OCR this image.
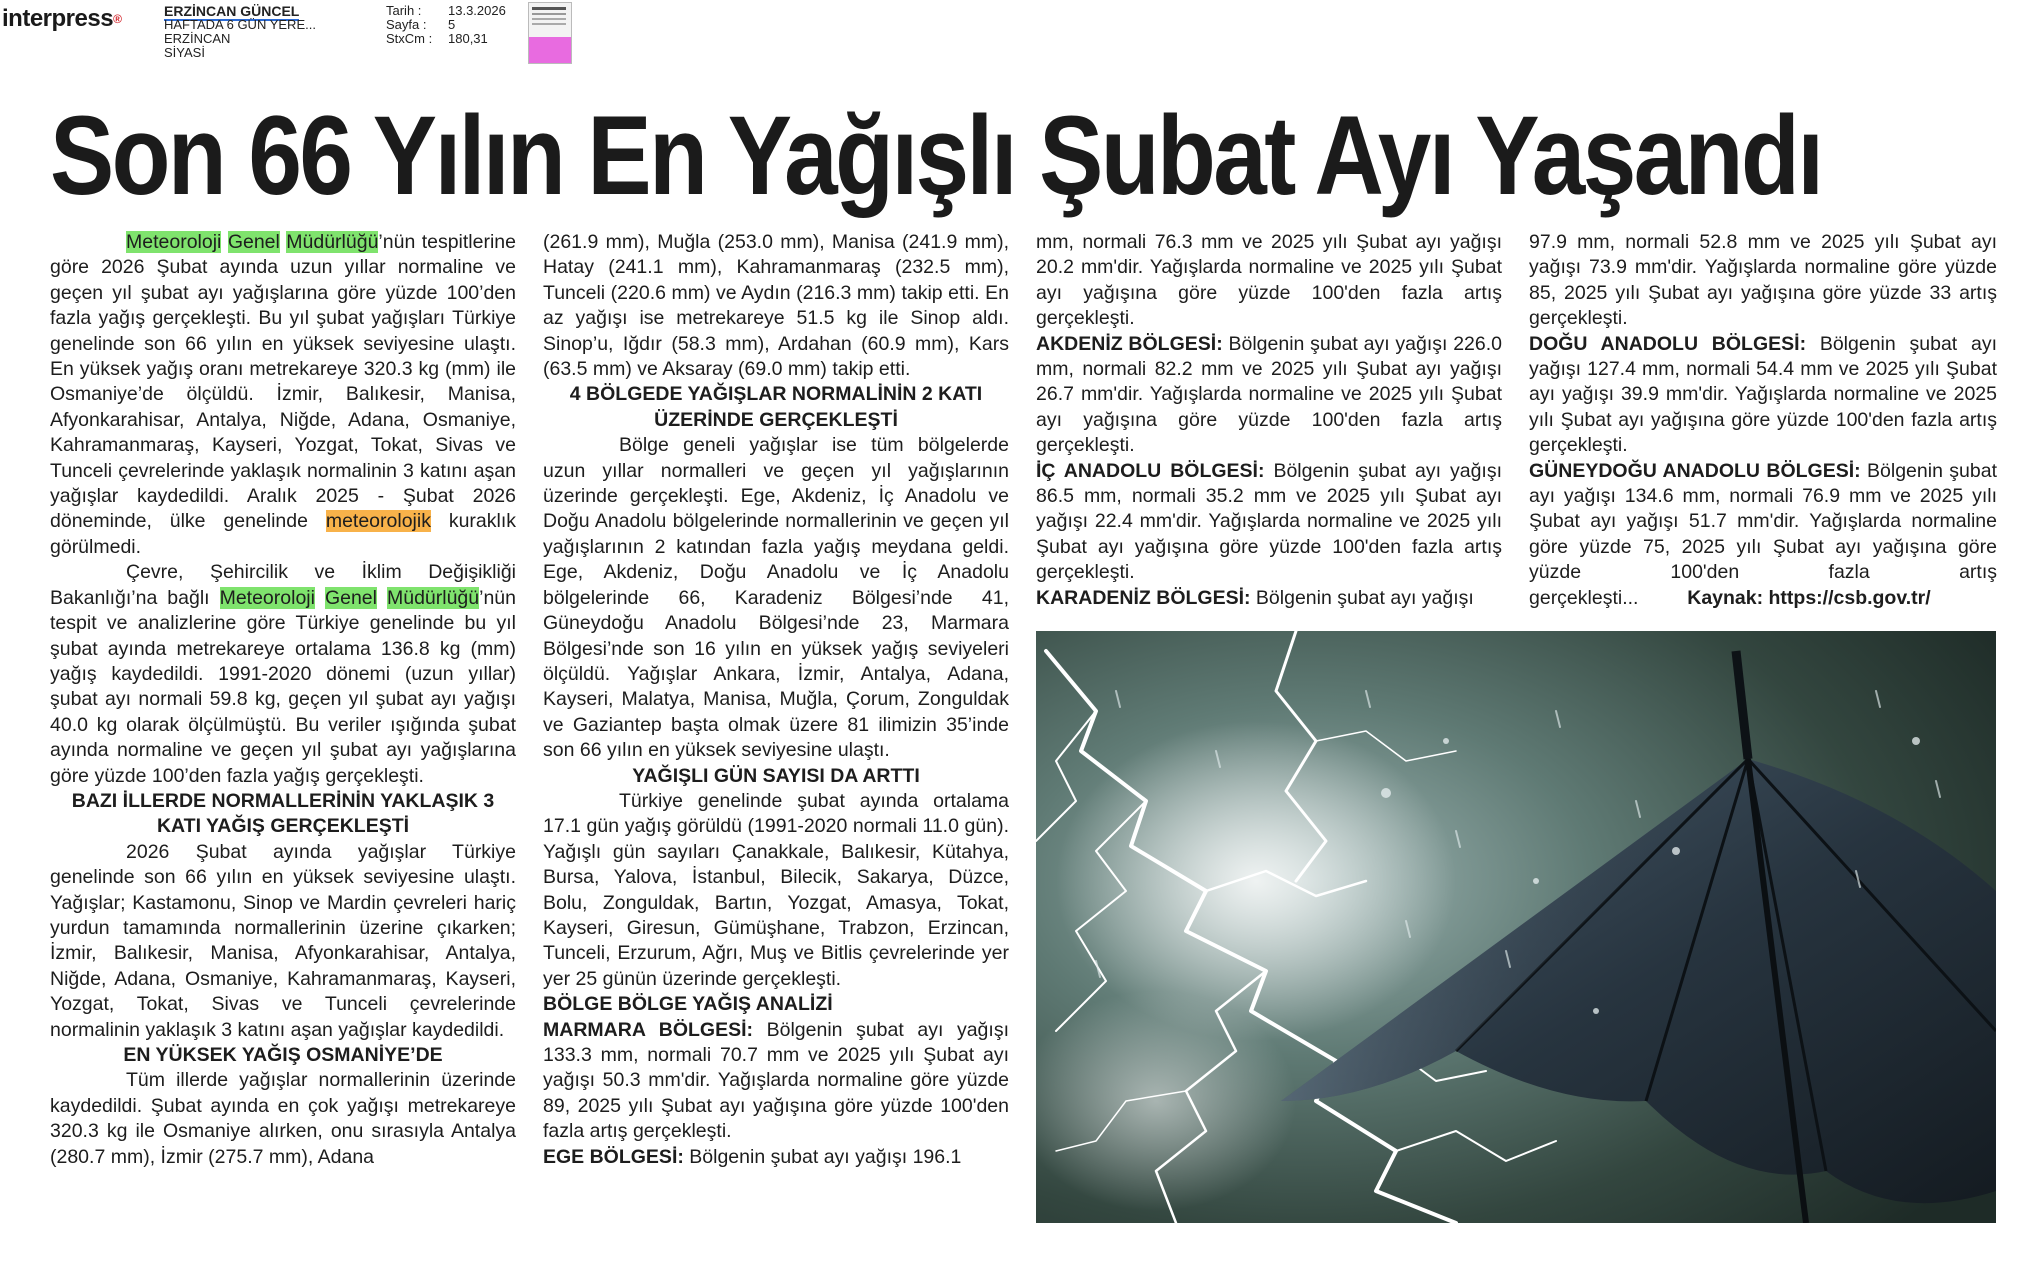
interpress®	ERZİNCAN GÜNCEL
HAFTADA 6 GÜN YERE...
ERZİNCAN
SİYASİ
Tarih :	13.3.2026
Sayfa :	5
StxCm :	180,31
Son 66 Yılın En Yağışlı Şubat Ayı Yaşandı

Meteoroloji Genel Müdürlüğü’nün tespitlerine göre 2026 Şubat ayında uzun yıllar normaline ve geçen yıl şubat ayı yağışlarına göre yüzde 100’den fazla yağış gerçekleşti. Bu yıl şubat yağışları Türkiye genelinde son 66 yılın en yüksek seviyesine ulaştı. En yüksek yağış oranı metrekareye 320.3 kg (mm) ile Osmaniye’de ölçüldü. İzmir, Balıkesir, Manisa, Afyonkarahisar, Antalya, Niğde, Adana, Osmaniye, Kahramanmaraş, Kayseri, Yozgat, Tokat, Sivas ve Tunceli çevrelerinde yaklaşık normalinin 3 katını aşan yağışlar kaydedildi. Aralık 2025 - Şubat 2026 döneminde, ülke genelinde meteorolojik kuraklık görülmedi.

Çevre, Şehircilik ve İklim Değişikliği Bakanlığı’na bağlı Meteoroloji Genel Müdürlüğü’nün tespit ve analizlerine göre Türkiye genelinde bu yıl şubat ayında metrekareye ortalama 136.8 kg (mm) yağış kaydedildi. 1991-2020 dönemi (uzun yıllar) şubat ayı normali 59.8 kg, geçen yıl şubat ayı yağışı 40.0 kg olarak ölçülmüştü. Bu veriler ışığında şubat ayında normaline ve geçen yıl şubat ayı yağışlarına göre yüzde 100’den fazla yağış gerçekleşti.

BAZI İLLERDE NORMALLERİNİN YAKLAŞIK 3 KATI YAĞIŞ GERÇEKLEŞTİ

2026 Şubat ayında yağışlar Türkiye genelinde son 66 yılın en yüksek seviyesine ulaştı. Yağışlar; Kastamonu, Sinop ve Mardin çevreleri hariç yurdun tamamında normallerinin üzerine çıkarken; İzmir, Balıkesir, Manisa, Afyonkarahisar, Antalya, Niğde, Adana, Osmaniye, Kahramanmaraş, Kayseri, Yozgat, Tokat, Sivas ve Tunceli çevrelerinde normalinin yaklaşık 3 katını aşan yağışlar kaydedildi.

EN YÜKSEK YAĞIŞ OSMANİYE’DE

Tüm illerde yağışlar normallerinin üzerinde kaydedildi. Şubat ayında en çok yağışı metrekareye 320.3 kg ile Osmaniye alırken, onu sırasıyla Antalya (280.7 mm), İzmir (275.7 mm), Adana

(261.9 mm), Muğla (253.0 mm), Manisa (241.9 mm), Hatay (241.1 mm), Kahramanmaraş (232.5 mm), Tunceli (220.6 mm) ve Aydın (216.3 mm) takip etti. En az yağışı ise metrekareye 51.5 kg ile Sinop aldı. Sinop’u, Iğdır (58.3 mm), Ardahan (60.9 mm), Kars (63.5 mm) ve Aksaray (69.0 mm) takip etti.

4 BÖLGEDE YAĞIŞLAR NORMALİNİN 2 KATI ÜZERİNDE GERÇEKLEŞTİ

Bölge geneli yağışlar ise tüm bölgelerde uzun yıllar normalleri ve geçen yıl yağışlarının üzerinde gerçekleşti. Ege, Akdeniz, İç Anadolu ve Doğu Anadolu bölgelerinde normallerinin ve geçen yıl yağışlarının 2 katından fazla yağış meydana geldi. Ege, Akdeniz, Doğu Anadolu ve İç Anadolu bölgelerinde 66, Karadeniz Bölgesi’nde 41, Güneydoğu Anadolu Bölgesi’nde 23, Marmara Bölgesi’nde son 16 yılın en yüksek yağış seviyeleri ölçüldü. Yağışlar Ankara, İzmir, Antalya, Adana, Kayseri, Malatya, Manisa, Muğla, Çorum, Zonguldak ve Gaziantep başta olmak üzere 81 ilimizin 35’inde son 66 yılın en yüksek seviyesine ulaştı.

YAĞIŞLI GÜN SAYISI DA ARTTI

Türkiye genelinde şubat ayında ortalama 17.1 gün yağış görüldü (1991-2020 normali 11.0 gün). Yağışlı gün sayıları Çanakkale, Balıkesir, Kütahya, Bursa, Yalova, İstanbul, Bilecik, Sakarya, Düzce, Bolu, Zonguldak, Bartın, Yozgat, Amasya, Tokat, Kayseri, Giresun, Gümüşhane, Trabzon, Erzincan, Tunceli, Erzurum, Ağrı, Muş ve Bitlis çevrelerinde yer yer 25 günün üzerinde gerçekleşti.

BÖLGE BÖLGE YAĞIŞ ANALİZİ

MARMARA BÖLGESİ: Bölgenin şubat ayı yağışı 133.3 mm, normali 70.7 mm ve 2025 yılı Şubat ayı yağışı 50.3 mm'dir. Yağışlarda normaline göre yüzde 89, 2025 yılı Şubat ayı yağışına göre yüzde 100'den fazla artış gerçekleşti.

EGE BÖLGESİ: Bölgenin şubat ayı yağışı 196.1

mm, normali 76.3 mm ve 2025 yılı Şubat ayı yağışı 20.2 mm'dir. Yağışlarda normaline ve 2025 yılı Şubat ayı yağışına göre yüzde 100'den fazla artış gerçekleşti.

AKDENİZ BÖLGESİ: Bölgenin şubat ayı yağışı 226.0 mm, normali 82.2 mm ve 2025 yılı Şubat ayı yağışı 26.7 mm'dir. Yağışlarda normaline ve 2025 yılı Şubat ayı yağışına göre yüzde 100'den fazla artış gerçekleşti.

İÇ ANADOLU BÖLGESİ: Bölgenin şubat ayı yağışı 86.5 mm, normali 35.2 mm ve 2025 yılı Şubat ayı yağışı 22.4 mm'dir. Yağışlarda normaline ve 2025 yılı Şubat ayı yağışına göre yüzde 100'den fazla artış gerçekleşti.

KARADENİZ BÖLGESİ: Bölgenin şubat ayı yağışı

97.9 mm, normali 52.8 mm ve 2025 yılı Şubat ayı yağışı 73.9 mm'dir. Yağışlarda normaline göre yüzde 85, 2025 yılı Şubat ayı yağışına göre yüzde 33 artış gerçekleşti.

DOĞU ANADOLU BÖLGESİ: Bölgenin şubat ayı yağışı 127.4 mm, normali 54.4 mm ve 2025 yılı Şubat ayı yağışı 39.9 mm'dir. Yağışlarda normaline ve 2025 yılı Şubat ayı yağışına göre yüzde 100'den fazla artış gerçekleşti.

GÜNEYDOĞU ANADOLU BÖLGESİ: Bölgenin şubat ayı yağışı 134.6 mm, normali 76.9 mm ve 2025 yılı Şubat ayı yağışı 51.7 mm'dir. Yağışlarda normaline göre yüzde 75, 2025 yılı Şubat ayı yağışına göre yüzde 100'den fazla artış gerçekleşti...	Kaynak: https://csb.gov.tr/
